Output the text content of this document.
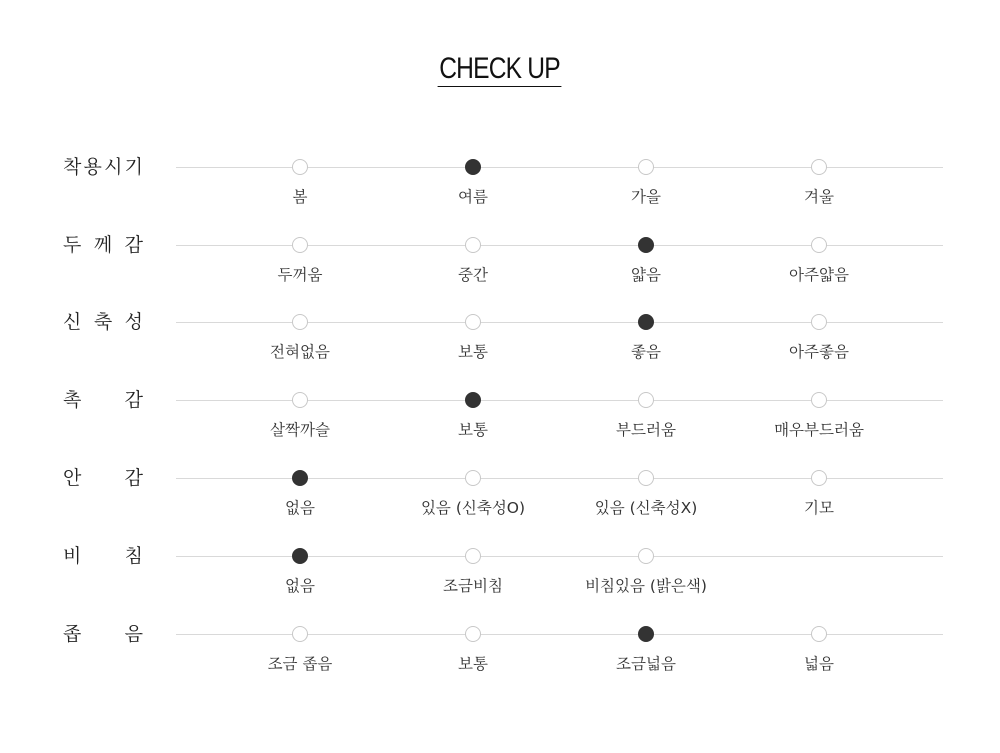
CHECK UP
착 용 시 기
봄	여름	가을	겨울
두 께 감
두꺼움	중간	얇음	아주얇음
신 축 성
전혀없음	보통	좋음	아주좋음
촉 감
살짝까슬	보통	부드러움	매우부드러움
안 감
없음	있음 (신축성O)	있음 (신축성X)	기모
비 침
없음	조금비침	비침있음 (밝은색)
좁 음
조금 좁음	보통	조금넓음	넓음
